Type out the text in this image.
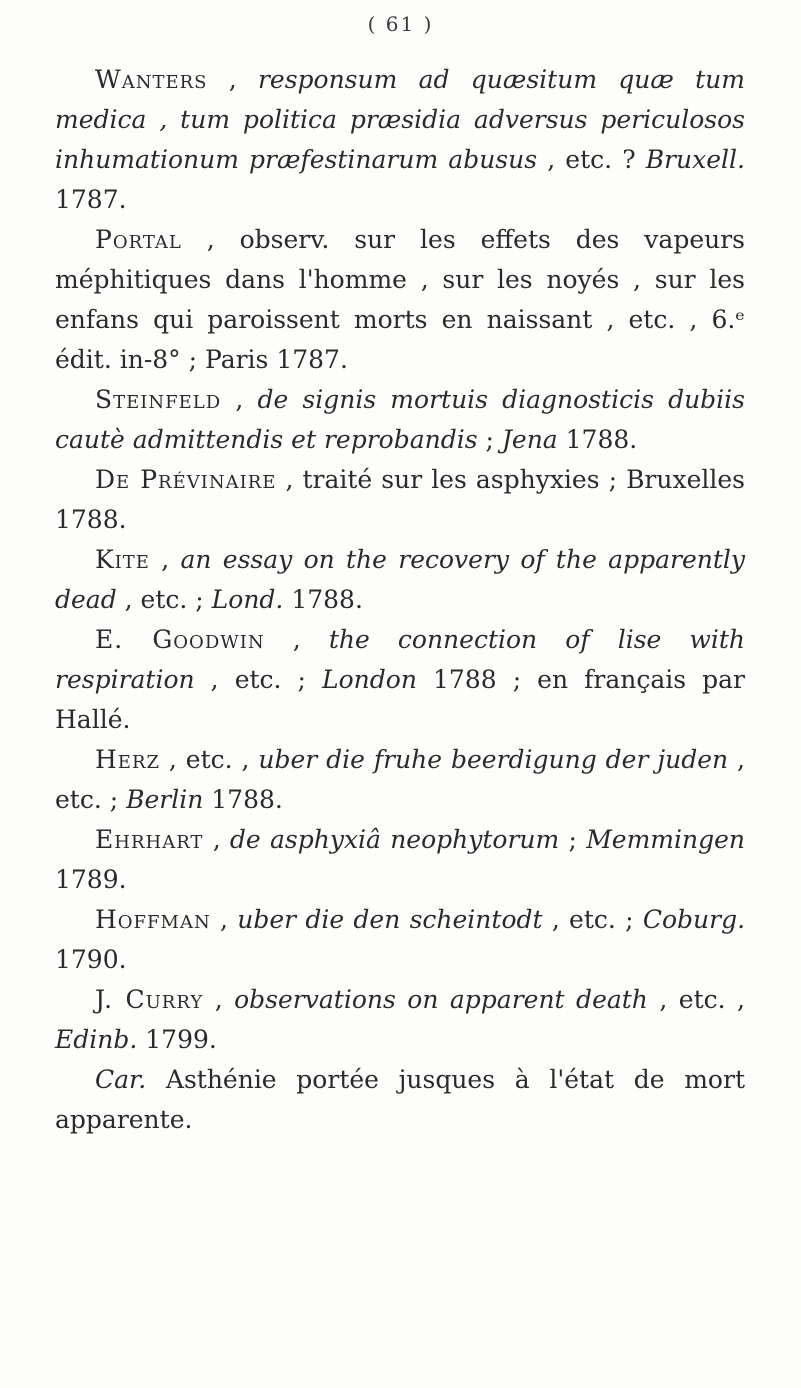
( 61 )

Wanters , responsum ad quæsitum quæ tum medica , tum politica præsidia adversus periculosos inhumationum præfestinarum abusus , etc. ? Bruxell. 1787.

Portal , observ. sur les effets des vapeurs méphitiques dans l'homme , sur les noyés , sur les enfans qui paroissent morts en naissant , etc. , 6.ᵉ édit. in-8° ; Paris 1787.

Steinfeld , de signis mortuis diagnosticis dubiis cautè admittendis et reprobandis ; Jena 1788.

De Prévinaire , traité sur les asphyxies ; Bruxelles 1788.

Kite , an essay on the recovery of the apparently dead , etc. ; Lond. 1788.

E. Goodwin , the connection of lise with respiration , etc. ; London 1788 ; en français par Hallé.

Herz , etc. , uber die fruhe beerdigung der juden , etc. ; Berlin 1788.

Ehrhart , de asphyxiâ neophytorum ; Memmingen 1789.

Hoffman , uber die den scheintodt , etc. ; Coburg. 1790.

J. Curry , observations on apparent death , etc. , Edinb. 1799.

Car. Asthénie portée jusques à l'état de mort apparente.
